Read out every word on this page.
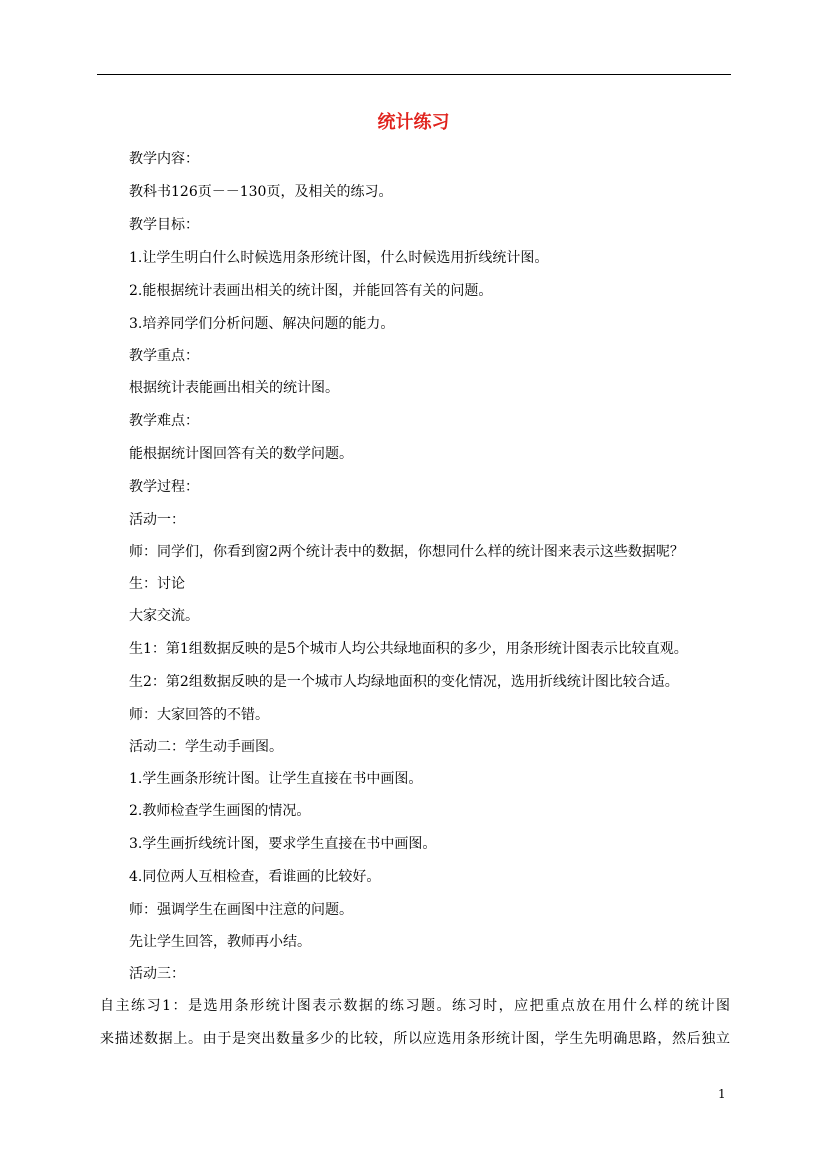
统计练习
教学内容：
教科书126页－－130页，及相关的练习。
教学目标：
1.让学生明白什么时候选用条形统计图，什么时候选用折线统计图。
2.能根据统计表画出相关的统计图，并能回答有关的问题。
3.培养同学们分析问题、解决问题的能力。
教学重点：
根据统计表能画出相关的统计图。
教学难点：
能根据统计图回答有关的数学问题。
教学过程：
活动一：
师：同学们，你看到窗2两个统计表中的数据，你想同什么样的统计图来表示这些数据呢？
生：讨论
大家交流。
生1：第1组数据反映的是5个城市人均公共绿地面积的多少，用条形统计图表示比较直观。
生2：第2组数据反映的是一个城市人均绿地面积的变化情况，选用折线统计图比较合适。
师：大家回答的不错。
活动二：学生动手画图。
1.学生画条形统计图。让学生直接在书中画图。
2.教师检查学生画图的情况。
3.学生画折线统计图，要求学生直接在书中画图。
4.同位两人互相检查，看谁画的比较好。
师：强调学生在画图中注意的问题。
先让学生回答，教师再小结。
活动三：
自主练习1：是选用条形统计图表示数据的练习题。练习时，应把重点放在用什么样的统计图
来描述数据上。由于是突出数量多少的比较，所以应选用条形统计图，学生先明确思路，然后独立
1
